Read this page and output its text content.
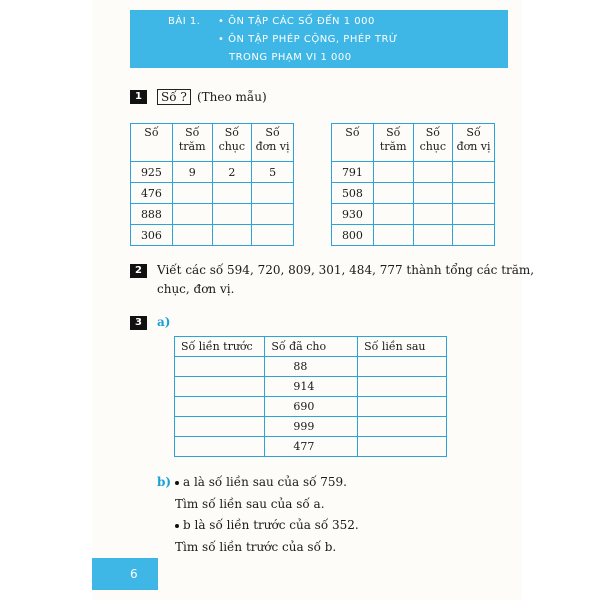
BÀI 1. • ÔN TẬP CÁC SỐ ĐẾN 1 000
• ÔN TẬP PHÉP CỘNG, PHÉP TRỪ
TRONG PHẠM VI 1 000
1	Số ? (Theo mẫu)
Số	Số trăm	Số chục	Số đơn vị
925	9	2	5
476			
888			
306			
Số	Số trăm	Số chục	Số đơn vị
791			
508			
930			
800			
2	Viết các số 594, 720, 809, 301, 484, 777 thành tổng các trăm,
chục, đơn vị.
3	a)
Số liền trước	Số đã cho	Số liền sau
	88	
	914	
	690	
	999	
	477	
b) a là số liền sau của số 759.
Tìm số liền sau của số a.
b là số liền trước của số 352.
Tìm số liền trước của số b.
6
